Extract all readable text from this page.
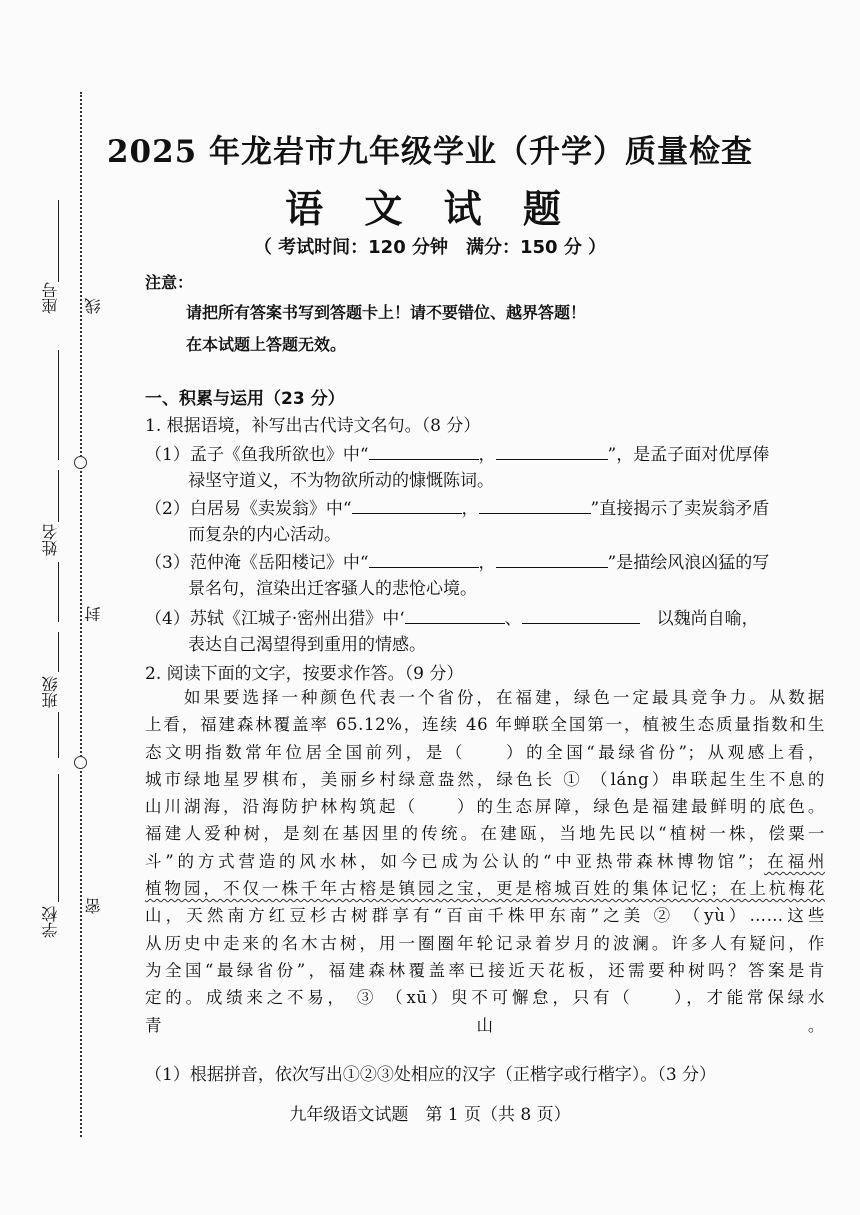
座号 线
姓名
封
班级
学校 密
2025 年龙岩市九年级学业（升学）质量检查
语 文 试 题
（ 考试时间：120 分钟　满分：150 分 ）
注意：
请把所有答案书写到答题卡上！请不要错位、越界答题！
在本试题上答题无效。
一、积累与运用（23 分）
1. 根据语境，补写出古代诗文名句。（8 分）
（1）孟子《鱼我所欲也》中“	，	”，是孟子面对优厚俸
禄坚守道义，不为物欲所动的慷慨陈词。
（2）白居易《卖炭翁》中“	，	”直接揭示了卖炭翁矛盾
而复杂的内心活动。
（3）范仲淹《岳阳楼记》中“	，	”是描绘风浪凶猛的写
景名句，渲染出迁客骚人的悲怆心境。
（4）苏轼《江城子·密州出猎》中‘	、	　以魏尚自喻，
表达自己渴望得到重用的情感。
2. 阅读下面的文字，按要求作答。（9 分）
　　如果要选择一种颜色代表一个省份，在福建，绿色一定最具竞争力。从数据
上看，福建森林覆盖率 65.12%，连续 46 年蝉联全国第一，植被生态质量指数和生
态文明指数常年位居全国前列，是（　　）的全国“最绿省份”；从观感上看，
城市绿地星罗棋布，美丽乡村绿意盎然，绿色长 ① （láng）串联起生生不息的
山川湖海，沿海防护林构筑起（　　）的生态屏障，绿色是福建最鲜明的底色。
福建人爱种树，是刻在基因里的传统。在建瓯，当地先民以“植树一株，偿粟一
斗”的方式营造的风水林，如今已成为公认的“中亚热带森林博物馆”；在福州
植物园，不仅一株千年古榕是镇园之宝，更是榕城百姓的集体记忆；在上杭梅花
山，天然南方红豆杉古树群享有“百亩千株甲东南”之美 ② （yù）……这些
从历史中走来的名木古树，用一圈圈年轮记录着岁月的波澜。许多人有疑问，作
为全国“最绿省份”，福建森林覆盖率已接近天花板，还需要种树吗？答案是肯
定的。成绩来之不易， ③ （xū）臾不可懈怠，只有（　　），才能常保绿水
青山。
（1）根据拼音，依次写出①②③处相应的汉字（正楷字或行楷字）。（3 分）
九年级语文试题　第 1 页（共 8 页）
